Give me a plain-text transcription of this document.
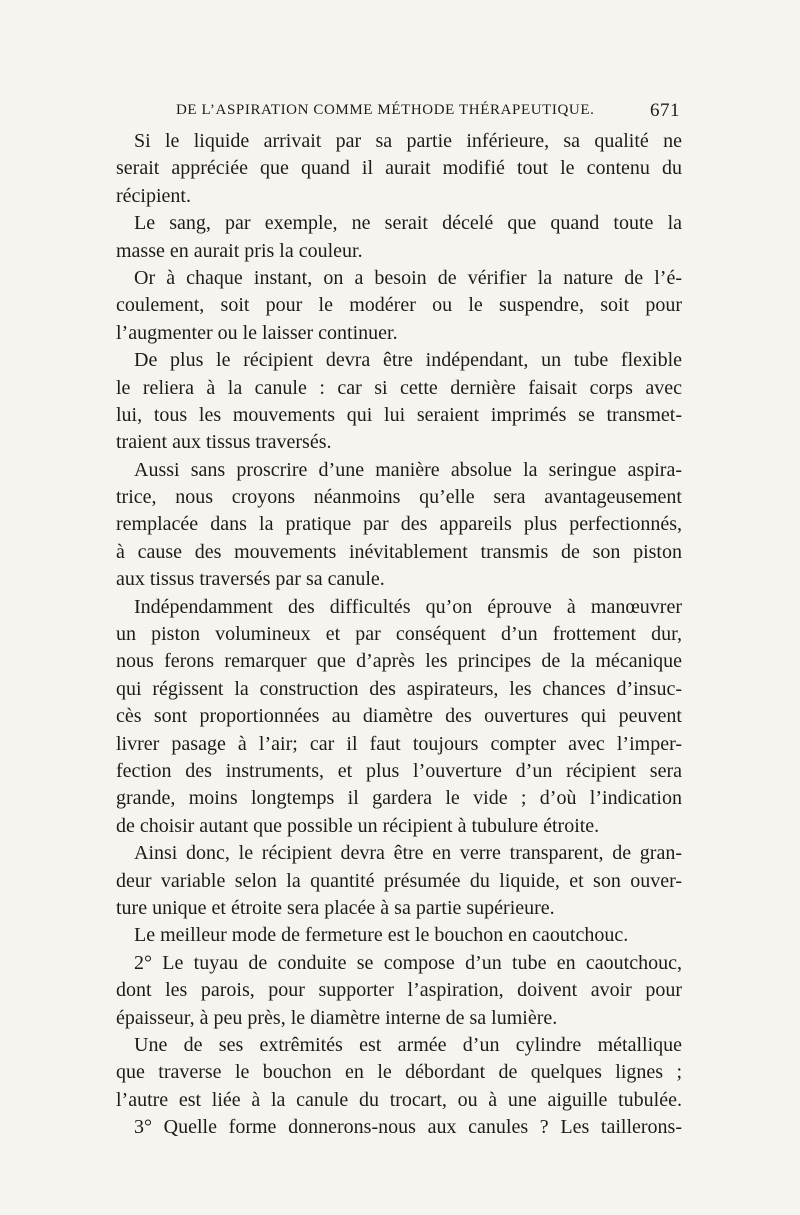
DE L’ASPIRATION COMME MÉTHODE THÉRAPEUTIQUE.	671
Si le liquide arrivait par sa partie inférieure, sa qualité ne
serait appréciée que quand il aurait modifié tout le contenu du
récipient.
Le sang, par exemple, ne serait décelé que quand toute la
masse en aurait pris la couleur.
Or à chaque instant, on a besoin de vérifier la nature de l’é-
coulement, soit pour le modérer ou le suspendre, soit pour
l’augmenter ou le laisser continuer.
De plus le récipient devra être indépendant, un tube flexible
le reliera à la canule : car si cette dernière faisait corps avec
lui, tous les mouvements qui lui seraient imprimés se transmet-
traient aux tissus traversés.
Aussi sans proscrire d’une manière absolue la seringue aspira-
trice, nous croyons néanmoins qu’elle sera avantageusement
remplacée dans la pratique par des appareils plus perfectionnés,
à cause des mouvements inévitablement transmis de son piston
aux tissus traversés par sa canule.
Indépendamment des difficultés qu’on éprouve à manœuvrer
un piston volumineux et par conséquent d’un frottement dur,
nous ferons remarquer que d’après les principes de la mécanique
qui régissent la construction des aspirateurs, les chances d’insuc-
cès sont proportionnées au diamètre des ouvertures qui peuvent
livrer pasage à l’air; car il faut toujours compter avec l’imper-
fection des instruments, et plus l’ouverture d’un récipient sera
grande, moins longtemps il gardera le vide ; d’où l’indication
de choisir autant que possible un récipient à tubulure étroite.
Ainsi donc, le récipient devra être en verre transparent, de gran-
deur variable selon la quantité présumée du liquide, et son ouver-
ture unique et étroite sera placée à sa partie supérieure.
Le meilleur mode de fermeture est le bouchon en caoutchouc.
2° Le tuyau de conduite se compose d’un tube en caoutchouc,
dont les parois, pour supporter l’aspiration, doivent avoir pour
épaisseur, à peu près, le diamètre interne de sa lumière.
Une de ses extrêmités est armée d’un cylindre métallique
que traverse le bouchon en le débordant de quelques lignes ;
l’autre est liée à la canule du trocart, ou à une aiguille tubulée.
3° Quelle forme donnerons-nous aux canules ? Les taillerons-
